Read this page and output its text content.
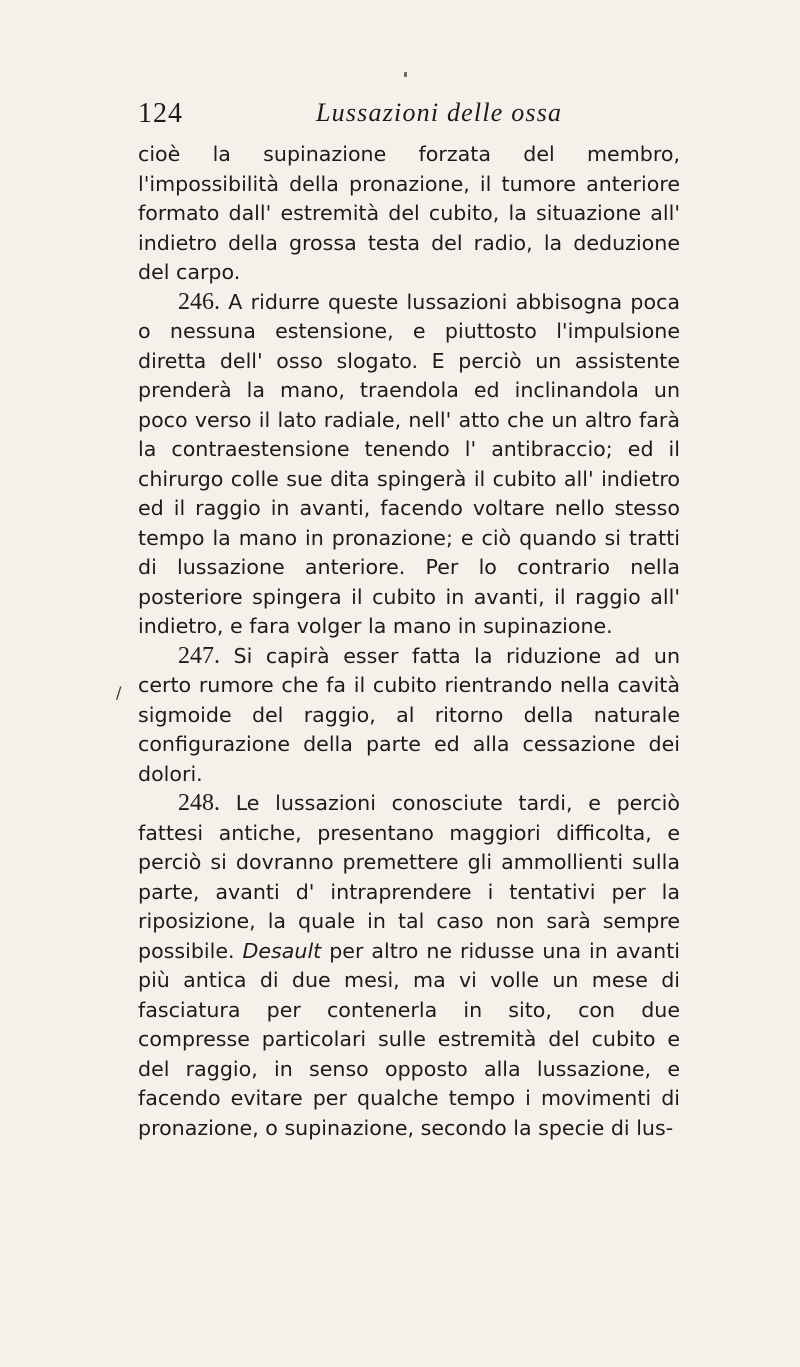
124	Lussazioni delle ossa
/

cioè la supinazione forzata del membro, l'impossibilità della pronazione, il tumore anteriore formato dall' estremità del cubito, la situazione all' indietro della grossa testa del radio, la deduzione del carpo.

246. A ridurre queste lussazioni abbisogna poca o nessuna estensione, e piuttosto l'impulsione diretta dell' osso slogato. E perciò un assistente prenderà la mano, traendola ed inclinandola un poco verso il lato radiale, nell' atto che un altro farà la contraestensione tenendo l' antibraccio; ed il chirurgo colle sue dita spingerà il cubito all' indietro ed il raggio in avanti, facendo voltare nello stesso tempo la mano in pronazione; e ciò quando si tratti di lussazione anteriore. Per lo contrario nella posteriore spingera il cubito in avanti, il raggio all' indietro, e fara volger la mano in supinazione.

247. Si capirà esser fatta la riduzione ad un certo rumore che fa il cubito rientrando nella cavità sigmoide del raggio, al ritorno della naturale configurazione della parte ed alla cessazione dei dolori.

248. Le lussazioni conosciute tardi, e perciò fattesi antiche, presentano maggiori difficolta, e perciò si dovranno premettere gli ammollienti sulla parte, avanti d' intraprendere i tentativi per la riposizione, la quale in tal caso non sarà sempre possibile. Desault per altro ne ridusse una in avanti più antica di due mesi, ma vi volle un mese di fasciatura per contenerla in sito, con due compresse particolari sulle estremità del cubito e del raggio, in senso opposto alla lussazione, e facendo evitare per qualche tempo i movimenti di pronazione, o supinazione, secondo la specie di lus-
